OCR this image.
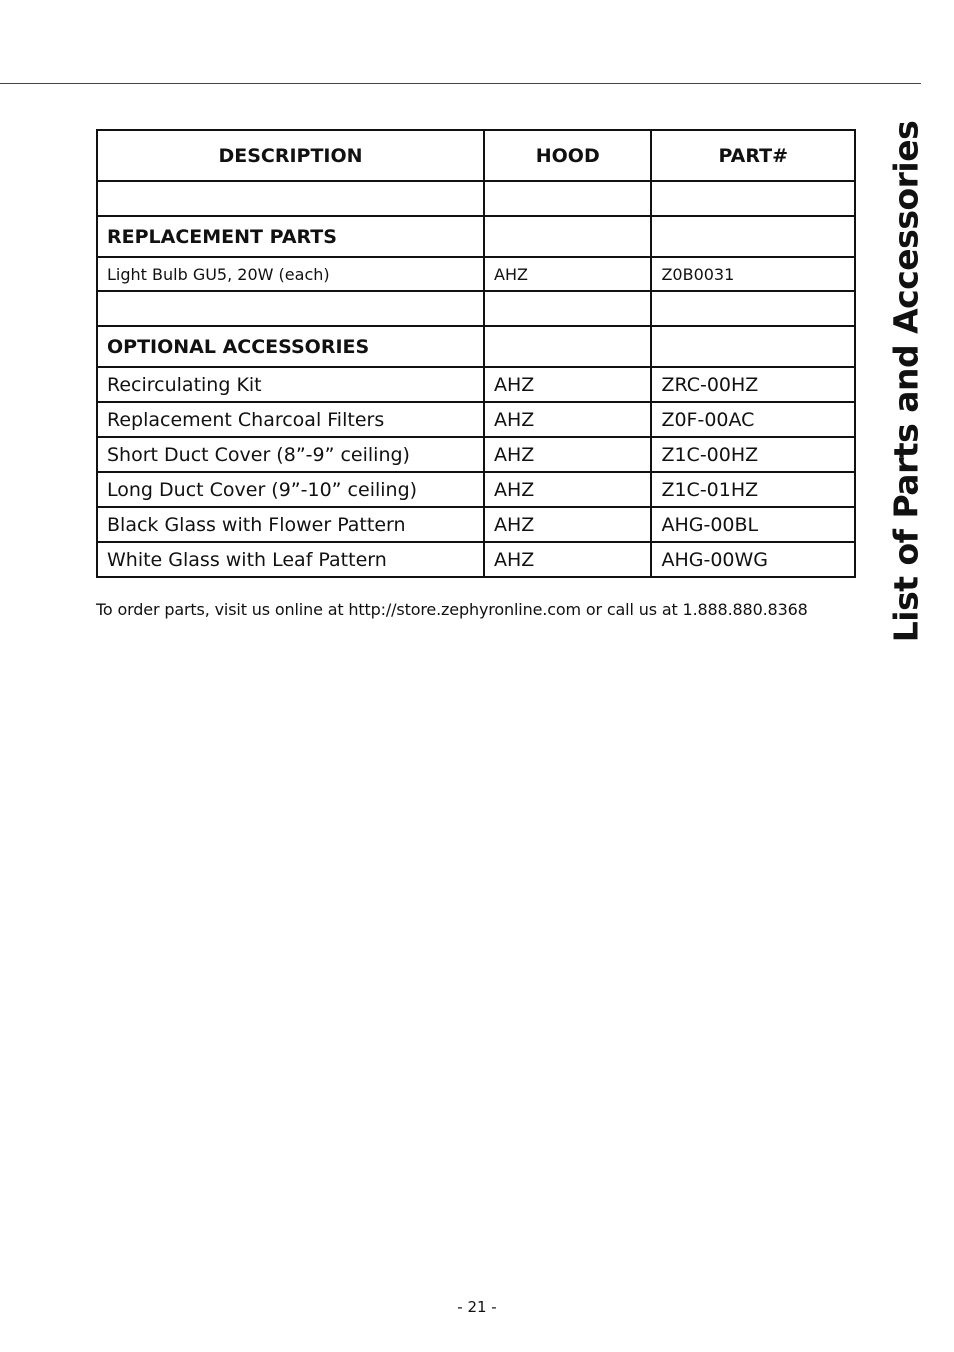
List of Parts and Accessories
DESCRIPTION	HOOD	PART#

REPLACEMENT PARTS		
Light Bulb GU5, 20W (each)	AHZ	Z0B0031

OPTIONAL ACCESSORIES		
Recirculating Kit	AHZ	ZRC-00HZ
Replacement Charcoal Filters	AHZ	Z0F-00AC
Short Duct Cover (8”-9” ceiling)	AHZ	Z1C-00HZ
Long Duct Cover (9”-10” ceiling)	AHZ	Z1C-01HZ
Black Glass with Flower Pattern	AHZ	AHG-00BL
White Glass with Leaf Pattern	AHZ	AHG-00WG
To order parts, visit us online at http://store.zephyronline.com or call us at 1.888.880.8368
- 21 -
